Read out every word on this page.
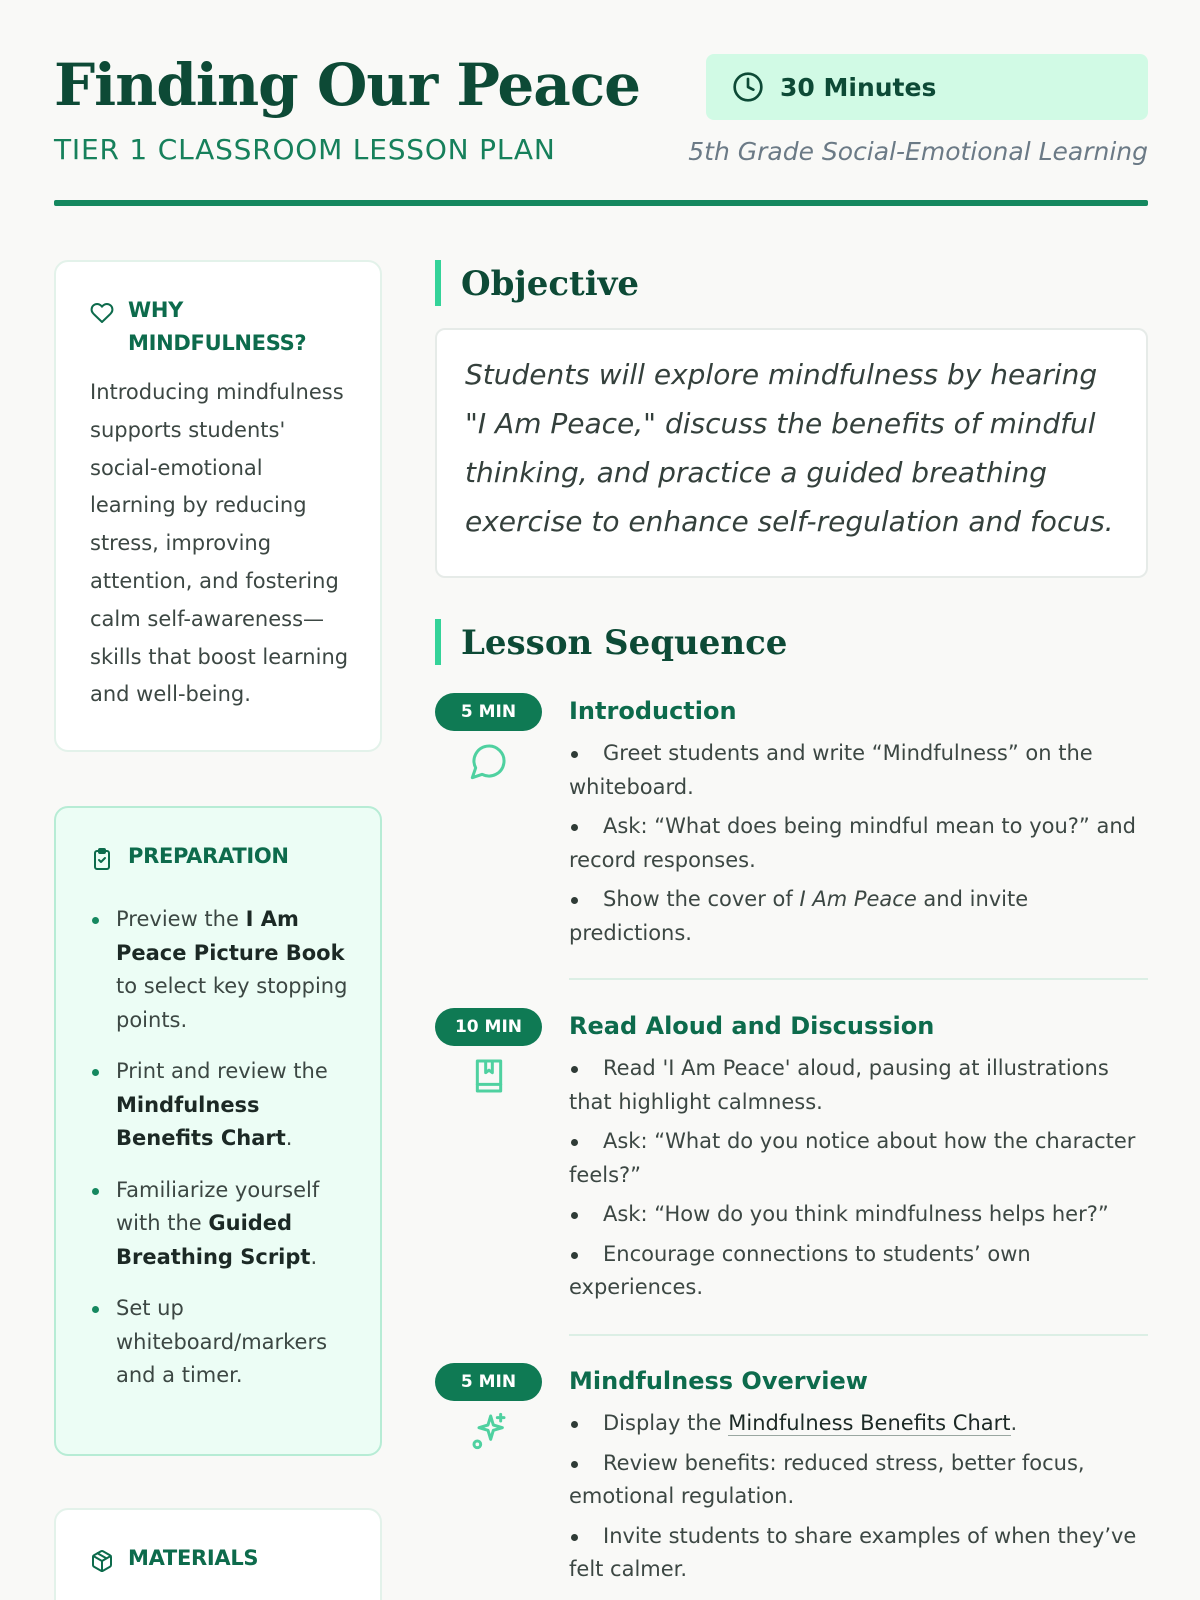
Finding Our Peace
TIER 1 CLASSROOM LESSON PLAN
30 Minutes
5th Grade Social-Emotional Learning
WHY MINDFULNESS?
Introducing mindfulness supports students' social-emotional learning by reducing stress, improving attention, and fostering calm self-awareness—skills that boost learning and well-being.
PREPARATION
Preview the I Am Peace Picture Book to select key stopping points.
Print and review the Mindfulness Benefits Chart.
Familiarize yourself with the Guided Breathing Script.
Set up whiteboard/markers and a timer.
MATERIALS
Objective
Students will explore mindfulness by hearing "I Am Peace," discuss the benefits of mindful thinking, and practice a guided breathing exercise to enhance self-regulation and focus.
Lesson Sequence
5 MIN	Introduction
Greet students and write “Mindfulness” on the whiteboard.
Ask: “What does being mindful mean to you?” and record responses.
Show the cover of I Am Peace and invite predictions.
10 MIN	Read Aloud and Discussion
Read 'I Am Peace' aloud, pausing at illustrations that highlight calmness.
Ask: “What do you notice about how the character feels?”
Ask: “How do you think mindfulness helps her?”
Encourage connections to students’ own experiences.
5 MIN	Mindfulness Overview
Display the Mindfulness Benefits Chart.
Review benefits: reduced stress, better focus, emotional regulation.
Invite students to share examples of when they’ve felt calmer.
